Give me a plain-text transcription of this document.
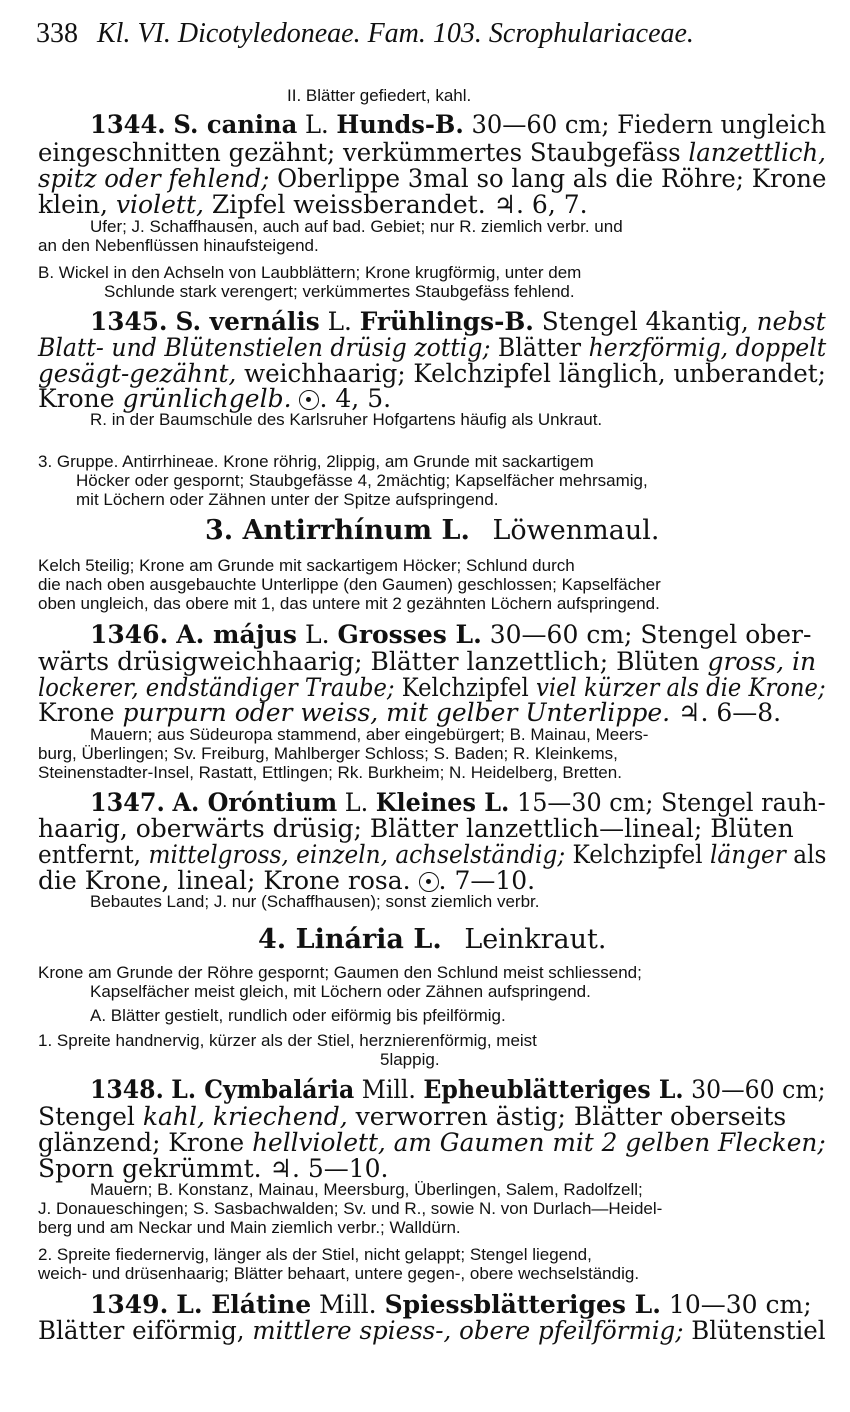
338 Kl. VI. Dicotyledoneae. Fam. 103. Scrophulariaceae.
II. Blätter gefiedert, kahl.
1344. S. canina L. Hunds-B. 30—60 cm; Fiedern ungleich
eingeschnitten gezähnt; verkümmertes Staubgefäss lanzettlich,
spitz oder fehlend; Oberlippe 3mal so lang als die Röhre; Krone
klein, violett, Zipfel weissberandet. ♃. 6, 7.
Ufer; J. Schaffhausen, auch auf bad. Gebiet; nur R. ziemlich verbr. und
an den Nebenflüssen hinaufsteigend.
B. Wickel in den Achseln von Laubblättern; Krone krugförmig, unter dem
Schlunde stark verengert; verkümmertes Staubgefäss fehlend.
1345. S. vernális L. Frühlings-B. Stengel 4kantig, nebst
Blatt- und Blütenstielen drüsig zottig; Blätter herzförmig, doppelt
gesägt-gezähnt, weichhaarig; Kelchzipfel länglich, unberandet;
Krone grünlichgelb. . 4, 5.
R. in der Baumschule des Karlsruher Hofgartens häufig als Unkraut.
3. Gruppe. Antirrhineae. Krone röhrig, 2lippig, am Grunde mit sackartigem
Höcker oder gespornt; Staubgefässe 4, 2mächtig; Kapselfächer mehrsamig,
mit Löchern oder Zähnen unter der Spitze aufspringend.
3. Antirrhínum L. Löwenmaul.
Kelch 5teilig; Krone am Grunde mit sackartigem Höcker; Schlund durch
die nach oben ausgebauchte Unterlippe (den Gaumen) geschlossen; Kapselfächer
oben ungleich, das obere mit 1, das untere mit 2 gezähnten Löchern aufspringend.
1346. A. május L. Grosses L. 30—60 cm; Stengel ober-
wärts drüsigweichhaarig; Blätter lanzettlich; Blüten gross, in
lockerer, endständiger Traube; Kelchzipfel viel kürzer als die Krone;
Krone purpurn oder weiss, mit gelber Unterlippe. ♃. 6—8.
Mauern; aus Südeuropa stammend, aber eingebürgert; B. Mainau, Meers-
burg, Überlingen; Sv. Freiburg, Mahlberger Schloss; S. Baden; R. Kleinkems,
Steinenstadter-Insel, Rastatt, Ettlingen; Rk. Burkheim; N. Heidelberg, Bretten.
1347. A. Oróntium L. Kleines L. 15—30 cm; Stengel rauh-
haarig, oberwärts drüsig; Blätter lanzettlich—lineal; Blüten
entfernt, mittelgross, einzeln, achselständig; Kelchzipfel länger als
die Krone, lineal; Krone rosa. . 7—10.
Bebautes Land; J. nur (Schaffhausen); sonst ziemlich verbr.
4. Linária L. Leinkraut.
Krone am Grunde der Röhre gespornt; Gaumen den Schlund meist schliessend;
Kapselfächer meist gleich, mit Löchern oder Zähnen aufspringend.
A. Blätter gestielt, rundlich oder eiförmig bis pfeilförmig.
1. Spreite handnervig, kürzer als der Stiel, herznierenförmig, meist
5lappig.
1348. L. Cymbalária Mill. Epheublätteriges L. 30—60 cm;
Stengel kahl, kriechend, verworren ästig; Blätter oberseits
glänzend; Krone hellviolett, am Gaumen mit 2 gelben Flecken;
Sporn gekrümmt. ♃. 5—10.
Mauern; B. Konstanz, Mainau, Meersburg, Überlingen, Salem, Radolfzell;
J. Donaueschingen; S. Sasbachwalden; Sv. und R., sowie N. von Durlach—Heidel-
berg und am Neckar und Main ziemlich verbr.; Walldürn.
2. Spreite fiedernervig, länger als der Stiel, nicht gelappt; Stengel liegend,
weich- und drüsenhaarig; Blätter behaart, untere gegen-, obere wechselständig.
1349. L. Elátine Mill. Spiessblätteriges L. 10—30 cm;
Blätter eiförmig, mittlere spiess-, obere pfeilförmig; Blütenstiel
